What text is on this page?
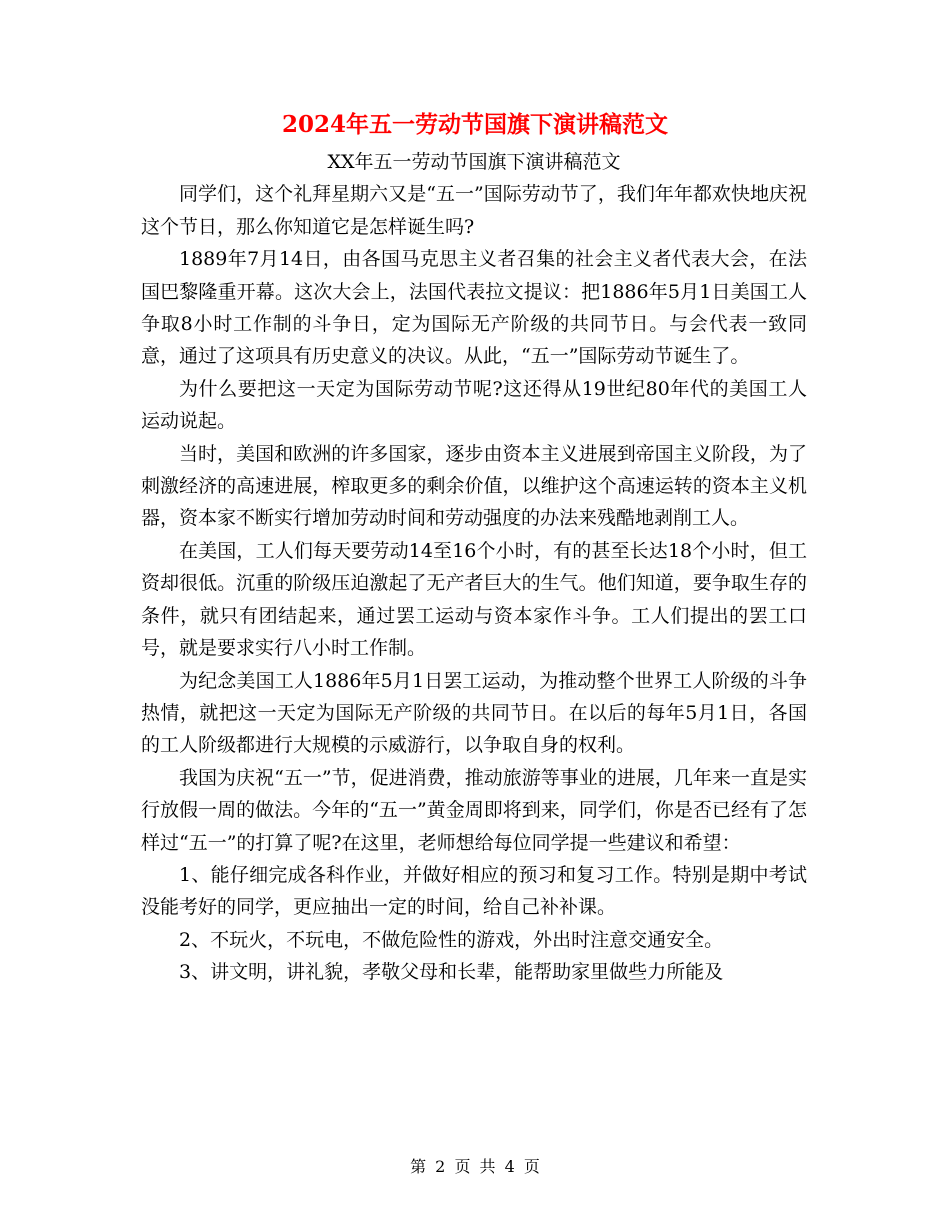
2024年五一劳动节国旗下演讲稿范文

XX年五一劳动节国旗下演讲稿范文

同学们，这个礼拜星期六又是“五一”国际劳动节了，我们年年都欢快地庆祝这个节日，那么你知道它是怎样诞生吗?

1889年7月14日，由各国马克思主义者召集的社会主义者代表大会，在法国巴黎隆重开幕。这次大会上，法国代表拉文提议：把1886年5月1日美国工人争取8小时工作制的斗争日，定为国际无产阶级的共同节日。与会代表一致同意，通过了这项具有历史意义的决议。从此，“五一”国际劳动节诞生了。

为什么要把这一天定为国际劳动节呢?这还得从19世纪80年代的美国工人运动说起。

当时，美国和欧洲的许多国家，逐步由资本主义进展到帝国主义阶段，为了刺激经济的高速进展，榨取更多的剩余价值，以维护这个高速运转的资本主义机器，资本家不断实行增加劳动时间和劳动强度的办法来残酷地剥削工人。

在美国，工人们每天要劳动14至16个小时，有的甚至长达18个小时，但工资却很低。沉重的阶级压迫激起了无产者巨大的生气。他们知道，要争取生存的条件，就只有团结起来，通过罢工运动与资本家作斗争。工人们提出的罢工口号，就是要求实行八小时工作制。

为纪念美国工人1886年5月1日罢工运动，为推动整个世界工人阶级的斗争热情，就把这一天定为国际无产阶级的共同节日。在以后的每年5月1日，各国的工人阶级都进行大规模的示威游行，以争取自身的权利。

我国为庆祝“五一”节，促进消费，推动旅游等事业的进展，几年来一直是实行放假一周的做法。今年的“五一”黄金周即将到来，同学们，你是否已经有了怎样过“五一”的打算了呢?在这里，老师想给每位同学提一些建议和希望：

1、能仔细完成各科作业，并做好相应的预习和复习工作。特别是期中考试没能考好的同学，更应抽出一定的时间，给自己补补课。

2、不玩火，不玩电，不做危险性的游戏，外出时注意交通安全。

3、讲文明，讲礼貌，孝敬父母和长辈，能帮助家里做些力所能及

第 2 页 共 4 页
